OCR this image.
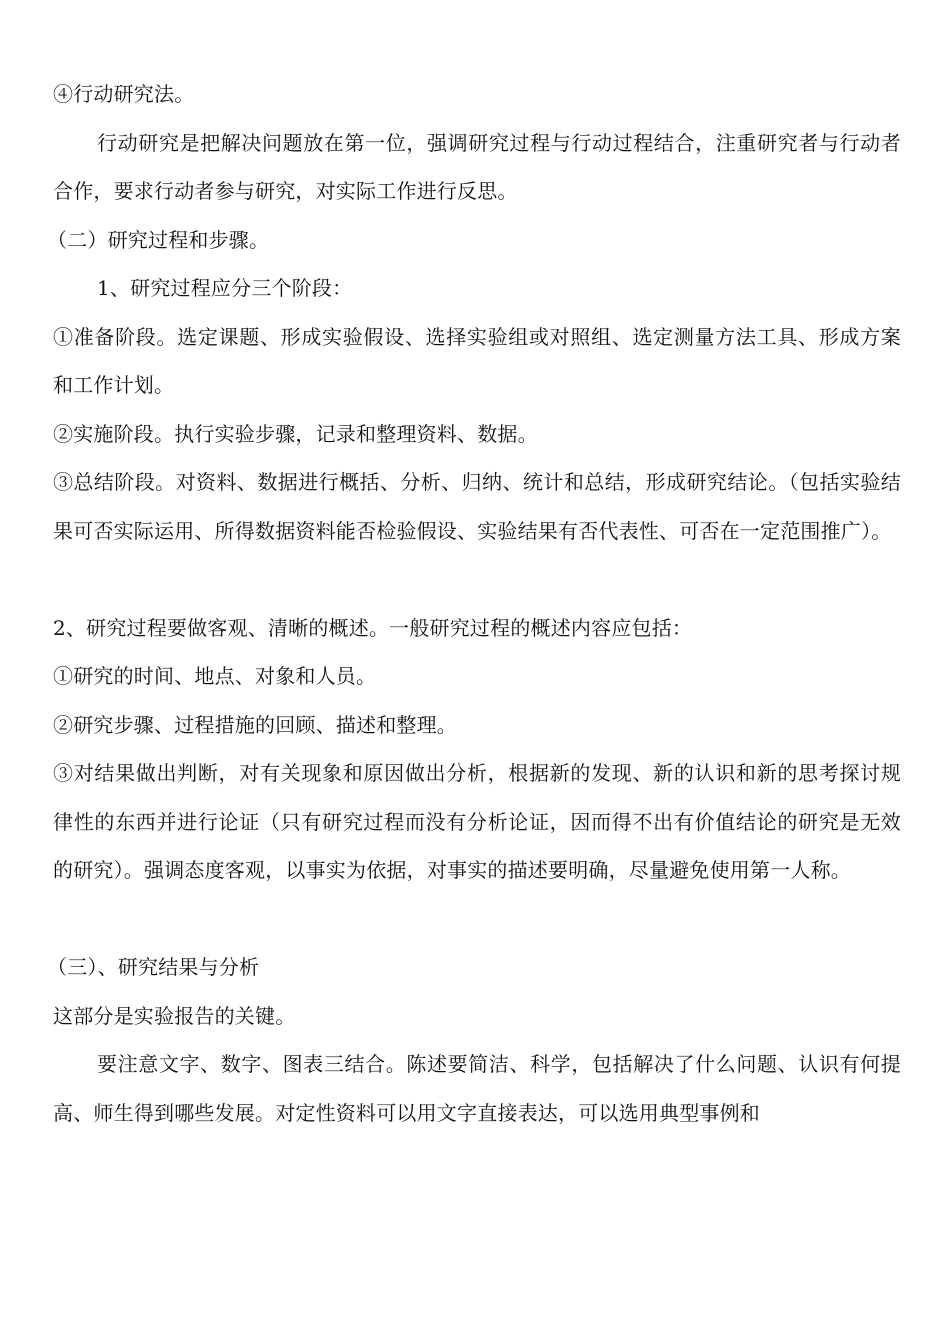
④行动研究法。

行动研究是把解决问题放在第一位，强调研究过程与行动过程结合，注重研究者与行动者合作，要求行动者参与研究，对实际工作进行反思。

（二）研究过程和步骤。

1、研究过程应分三个阶段：

①准备阶段。选定课题、形成实验假设、选择实验组或对照组、选定测量方法工具、形成方案和工作计划。

②实施阶段。执行实验步骤，记录和整理资料、数据。

③总结阶段。对资料、数据进行概括、分析、归纳、统计和总结，形成研究结论。（包括实验结果可否实际运用、所得数据资料能否检验假设、实验结果有否代表性、可否在一定范围推广）。

2、研究过程要做客观、清晰的概述。一般研究过程的概述内容应包括：

①研究的时间、地点、对象和人员。

②研究步骤、过程措施的回顾、描述和整理。

③对结果做出判断，对有关现象和原因做出分析，根据新的发现、新的认识和新的思考探讨规律性的东西并进行论证（只有研究过程而没有分析论证，因而得不出有价值结论的研究是无效的研究）。强调态度客观，以事实为依据，对事实的描述要明确，尽量避免使用第一人称。

（三）、研究结果与分析

这部分是实验报告的关键。

要注意文字、数字、图表三结合。陈述要简洁、科学，包括解决了什么问题、认识有何提高、师生得到哪些发展。对定性资料可以用文字直接表达，可以选用典型事例和
